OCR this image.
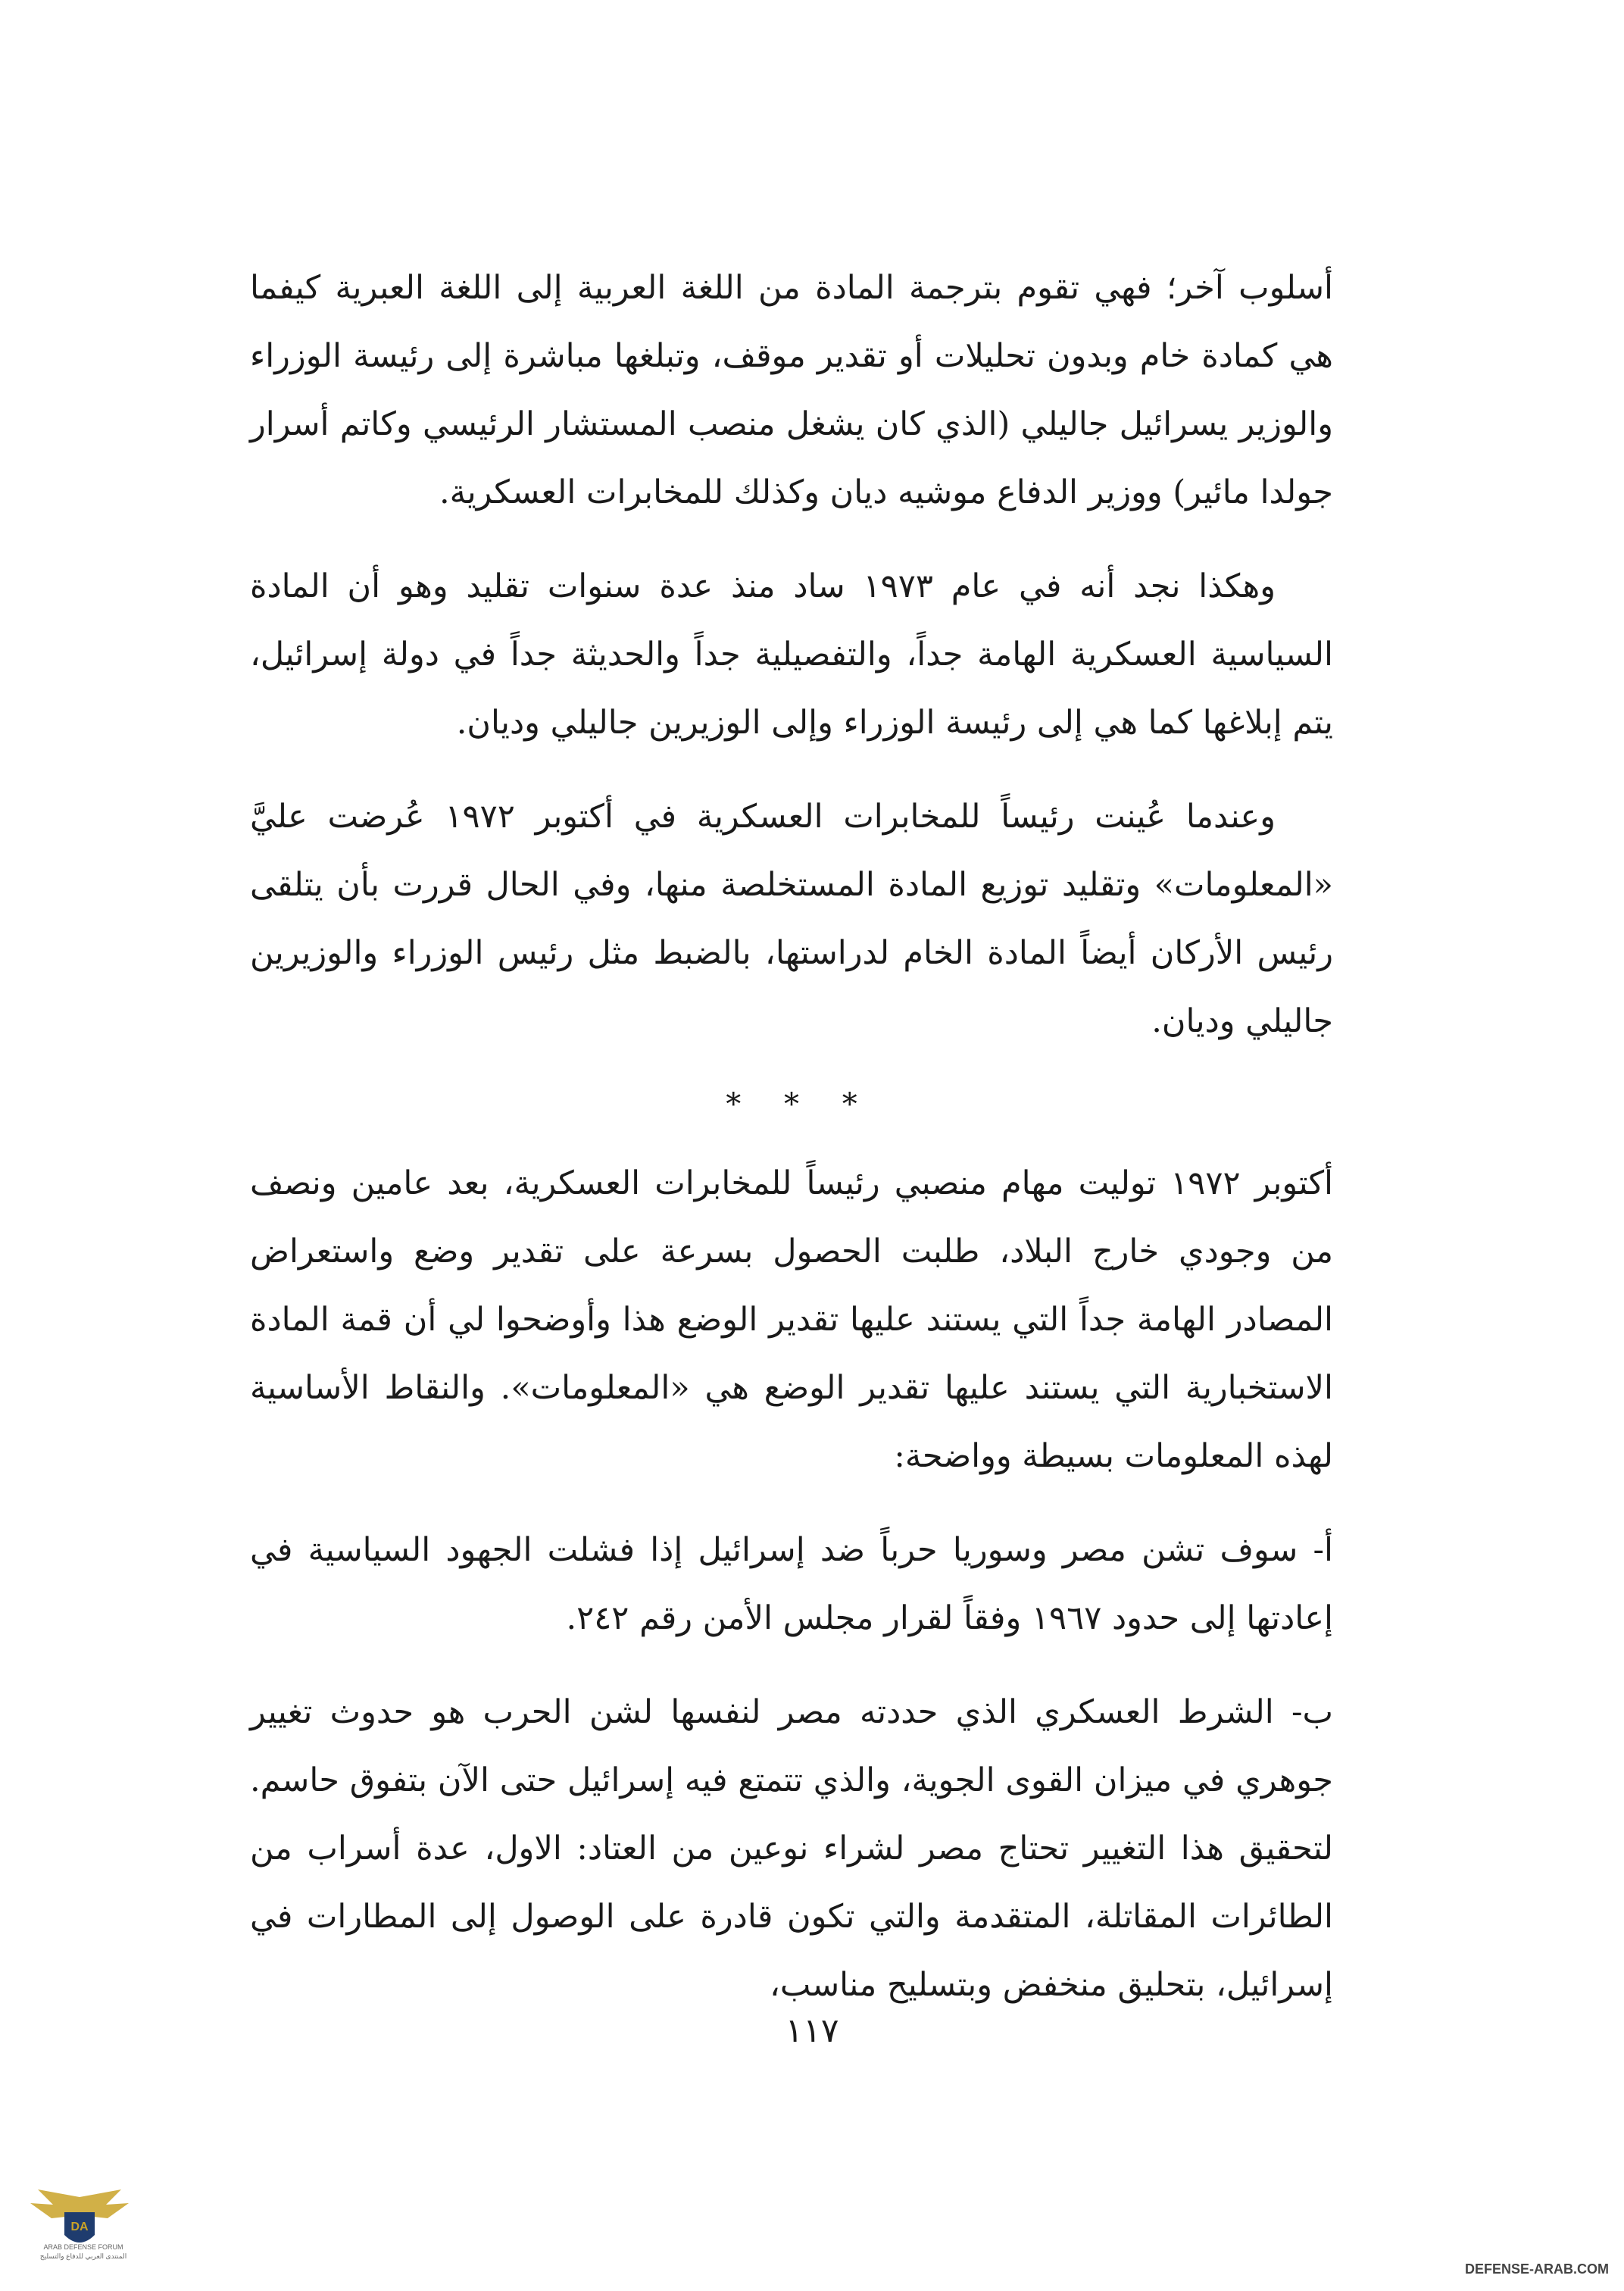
أسلوب آخر؛ فهي تقوم بترجمة المادة من اللغة العربية إلى اللغة العبرية كيفما هي كمادة خام وبدون تحليلات أو تقدير موقف، وتبلغها مباشرة إلى رئيسة الوزراء والوزير يسرائيل جاليلي (الذي كان يشغل منصب المستشار الرئيسي وكاتم أسرار جولدا مائير) ووزير الدفاع موشيه ديان وكذلك للمخابرات العسكرية.

وهكذا نجد أنه في عام ١٩٧٣ ساد منذ عدة سنوات تقليد وهو أن المادة السياسية العسكرية الهامة جداً، والتفصيلية جداً والحديثة جداً في دولة إسرائيل، يتم إبلاغها كما هي إلى رئيسة الوزراء وإلى الوزيرين جاليلي وديان.

وعندما عُينت رئيساً للمخابرات العسكرية في أكتوبر ١٩٧٢ عُرضت عليَّ «المعلومات» وتقليد توزيع المادة المستخلصة منها، وفي الحال قررت بأن يتلقى رئيس الأركان أيضاً المادة الخام لدراستها، بالضبط مثل رئيس الوزراء والوزيرين جاليلي وديان.

* * *

أكتوبر ١٩٧٢ توليت مهام منصبي رئيساً للمخابرات العسكرية، بعد عامين ونصف من وجودي خارج البلاد، طلبت الحصول بسرعة على تقدير وضع واستعراض المصادر الهامة جداً التي يستند عليها تقدير الوضع هذا وأوضحوا لي أن قمة المادة الاستخبارية التي يستند عليها تقدير الوضع هي «المعلومات». والنقاط الأساسية لهذه المعلومات بسيطة وواضحة:

أ- سوف تشن مصر وسوريا حرباً ضد إسرائيل إذا فشلت الجهود السياسية في إعادتها إلى حدود ١٩٦٧ وفقاً لقرار مجلس الأمن رقم ٢٤٢.

ب- الشرط العسكري الذي حددته مصر لنفسها لشن الحرب هو حدوث تغيير جوهري في ميزان القوى الجوية، والذي تتمتع فيه إسرائيل حتى الآن بتفوق حاسم. لتحقيق هذا التغيير تحتاج مصر لشراء نوعين من العتاد: الاول، عدة أسراب من الطائرات المقاتلة، المتقدمة والتي تكون قادرة على الوصول إلى المطارات في إسرائيل، بتحليق منخفض وبتسليح مناسب،

١١٧
DA
ARAB DEFENSE FORUM
المنتدى العربي للدفاع والتسليح
DEFENSE-ARAB.COM
